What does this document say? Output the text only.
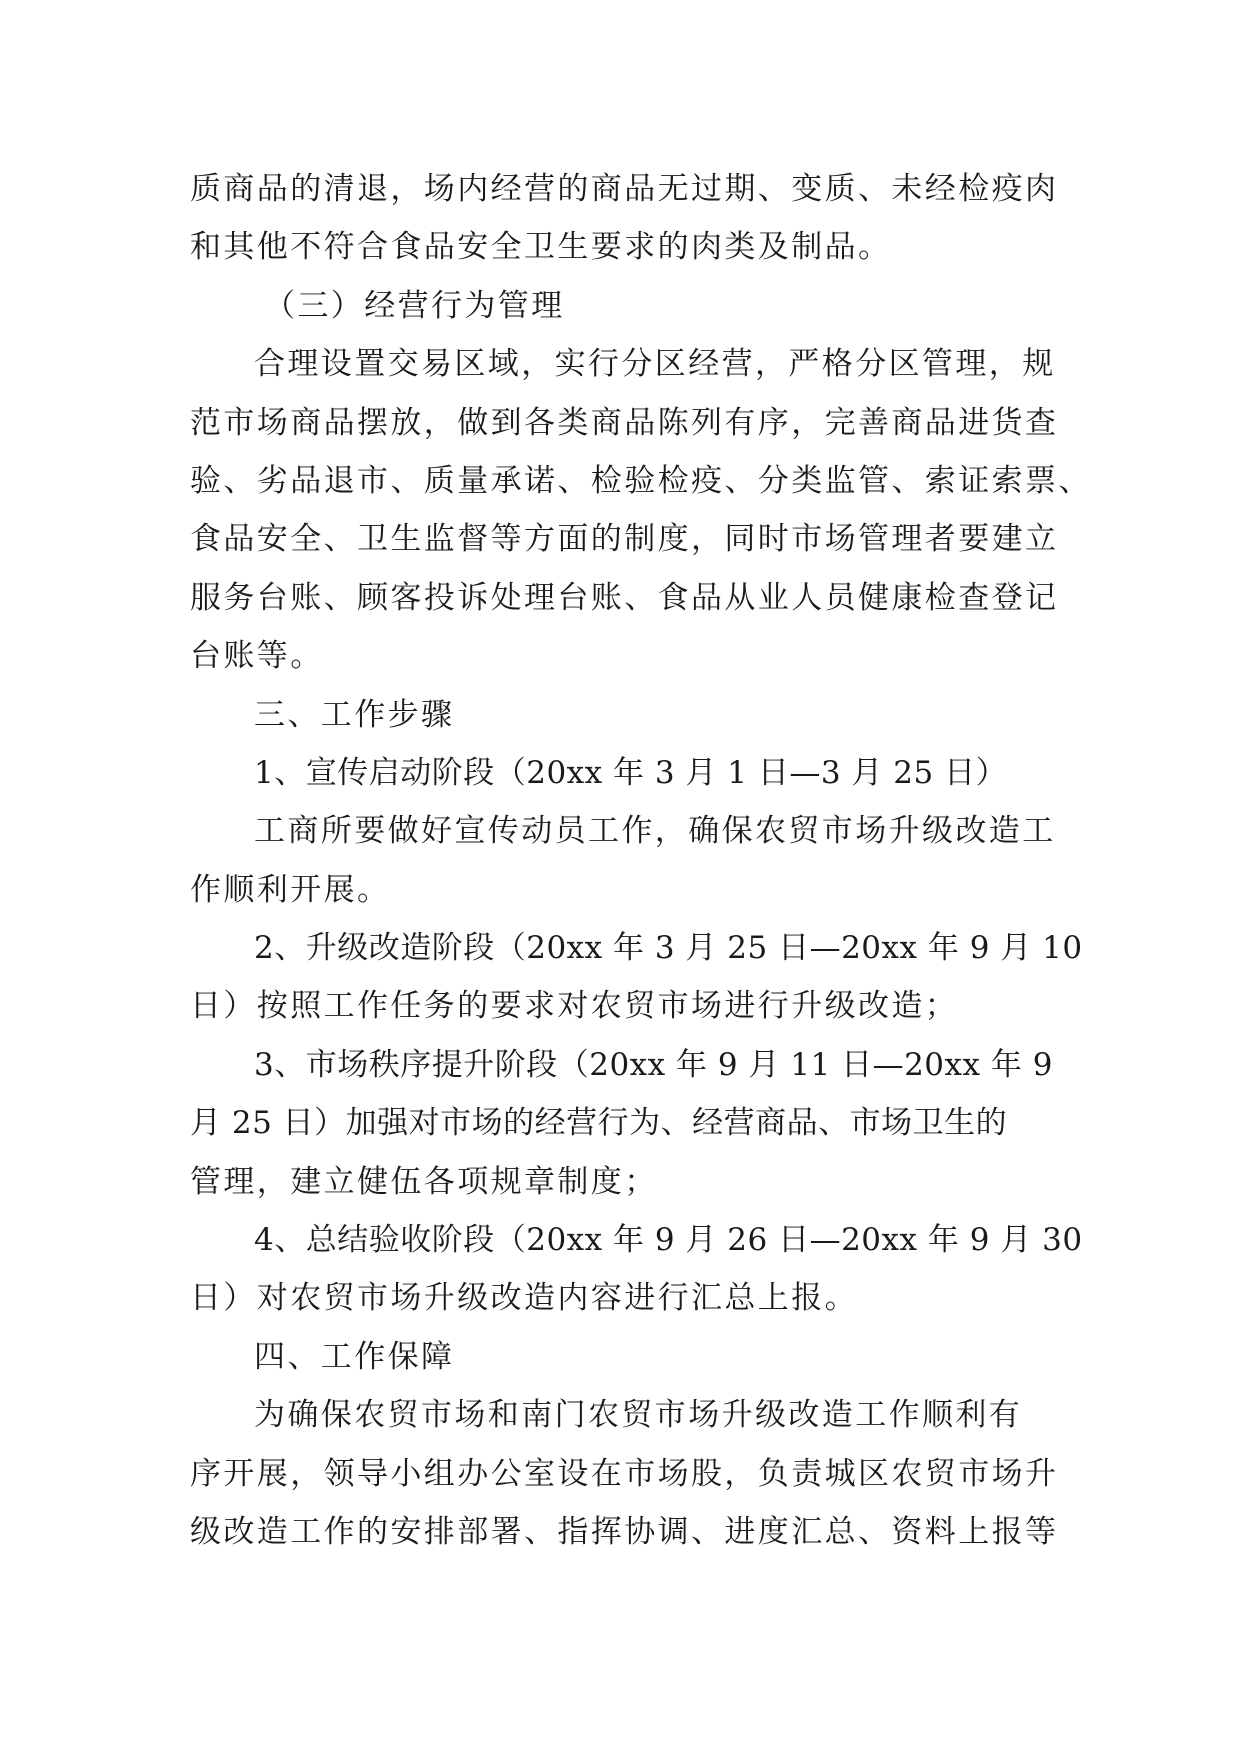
质商品的清退，场内经营的商品无过期、变质、未经检疫肉
和其他不符合食品安全卫生要求的肉类及制品。
（三）经营行为管理
合理设置交易区域，实行分区经营，严格分区管理，规
范市场商品摆放，做到各类商品陈列有序，完善商品进货查
验、劣品退市、质量承诺、检验检疫、分类监管、索证索票、
食品安全、卫生监督等方面的制度，同时市场管理者要建立
服务台账、顾客投诉处理台账、食品从业人员健康检查登记
台账等。
三、工作步骤
1、宣传启动阶段（20xx 年 3 月 1 日—3 月 25 日）
工商所要做好宣传动员工作，确保农贸市场升级改造工
作顺利开展。
2、升级改造阶段（20xx 年 3 月 25 日—20xx 年 9 月 10
日）按照工作任务的要求对农贸市场进行升级改造；
3、市场秩序提升阶段（20xx 年 9 月 11 日—20xx 年 9
月 25 日）加强对市场的经营行为、经营商品、市场卫生的
管理，建立健伍各项规章制度；
4、总结验收阶段（20xx 年 9 月 26 日—20xx 年 9 月 30
日）对农贸市场升级改造内容进行汇总上报。
四、工作保障
为确保农贸市场和南门农贸市场升级改造工作顺利有
序开展，领导小组办公室设在市场股，负责城区农贸市场升
级改造工作的安排部署、指挥协调、进度汇总、资料上报等
